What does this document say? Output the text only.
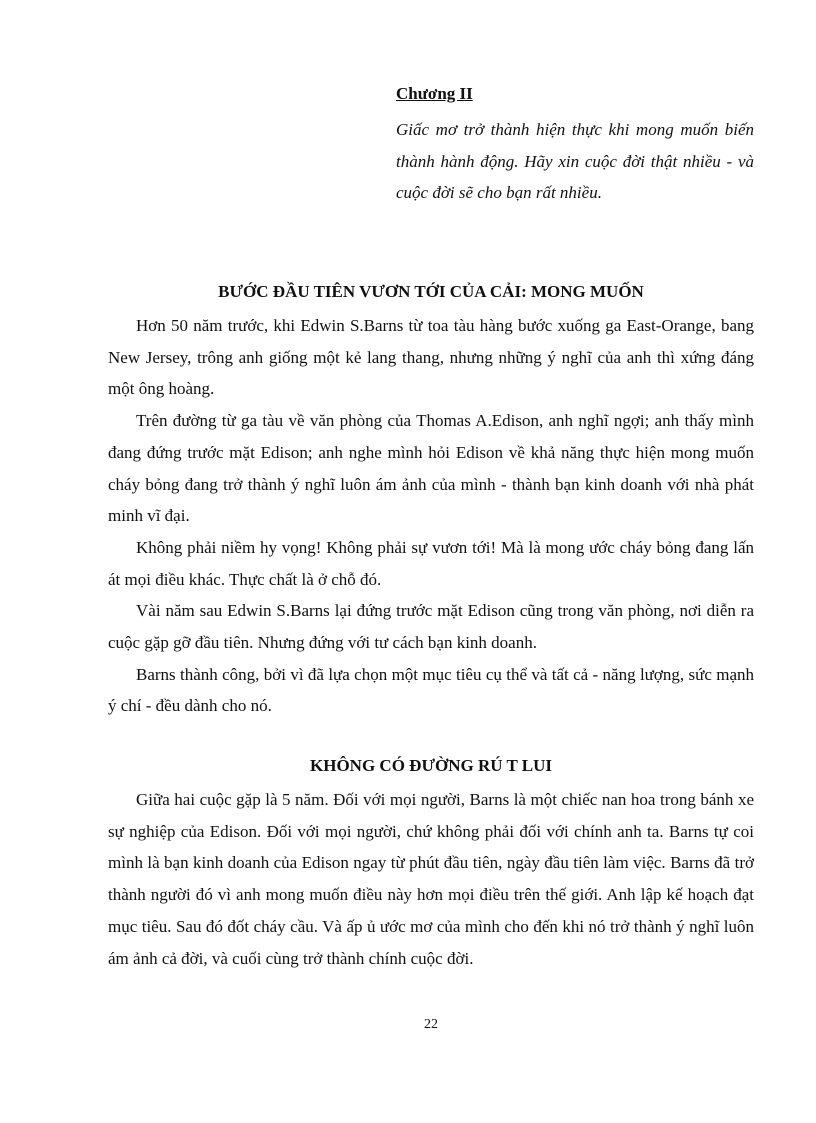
Chương II

Giấc mơ trở thành hiện thực khi mong muốn biến thành hành động. Hãy xin cuộc đời thật nhiều - và cuộc đời sẽ cho bạn rất nhiều.

BƯỚC ĐẦU TIÊN VƯƠN TỚI CỦA CẢI: MONG MUỐN

Hơn 50 năm trước, khi Edwin S.Barns từ toa tàu hàng bước xuống ga East-Orange, bang New Jersey, trông anh giống một kẻ lang thang, nhưng những ý nghĩ của anh thì xứng đáng một ông hoàng.

Trên đường từ ga tàu về văn phòng của Thomas A.Edison, anh nghĩ ngợi; anh thấy mình đang đứng trước mặt Edison; anh nghe mình hỏi Edison về khả năng thực hiện mong muốn cháy bỏng đang trở thành ý nghĩ luôn ám ảnh của mình - thành bạn kinh doanh với nhà phát minh vĩ đại.

Không phải niềm hy vọng! Không phải sự vươn tới! Mà là mong ước cháy bỏng đang lấn át mọi điều khác. Thực chất là ở chỗ đó.

Vài năm sau Edwin S.Barns lại đứng trước mặt Edison cũng trong văn phòng, nơi diễn ra cuộc gặp gỡ đầu tiên. Nhưng đứng với tư cách bạn kinh doanh.

Barns thành công, bởi vì đã lựa chọn một mục tiêu cụ thể và tất cả - năng lượng, sức mạnh ý chí - đều dành cho nó.

KHÔNG CÓ ĐƯỜNG RÚ T LUI

Giữa hai cuộc gặp là 5 năm. Đối với mọi người, Barns là một chiếc nan hoa trong bánh xe sự nghiệp của Edison. Đối với mọi người, chứ không phải đối với chính anh ta. Barns tự coi mình là bạn kinh doanh của Edison ngay từ phút đầu tiên, ngày đầu tiên làm việc. Barns đã trở thành người đó vì anh mong muốn điều này hơn mọi điều trên thế giới. Anh lập kế hoạch đạt mục tiêu. Sau đó đốt cháy cầu. Và ấp ủ ước mơ của mình cho đến khi nó trở thành ý nghĩ luôn ám ảnh cả đời, và cuối cùng trở thành chính cuộc đời.

22
